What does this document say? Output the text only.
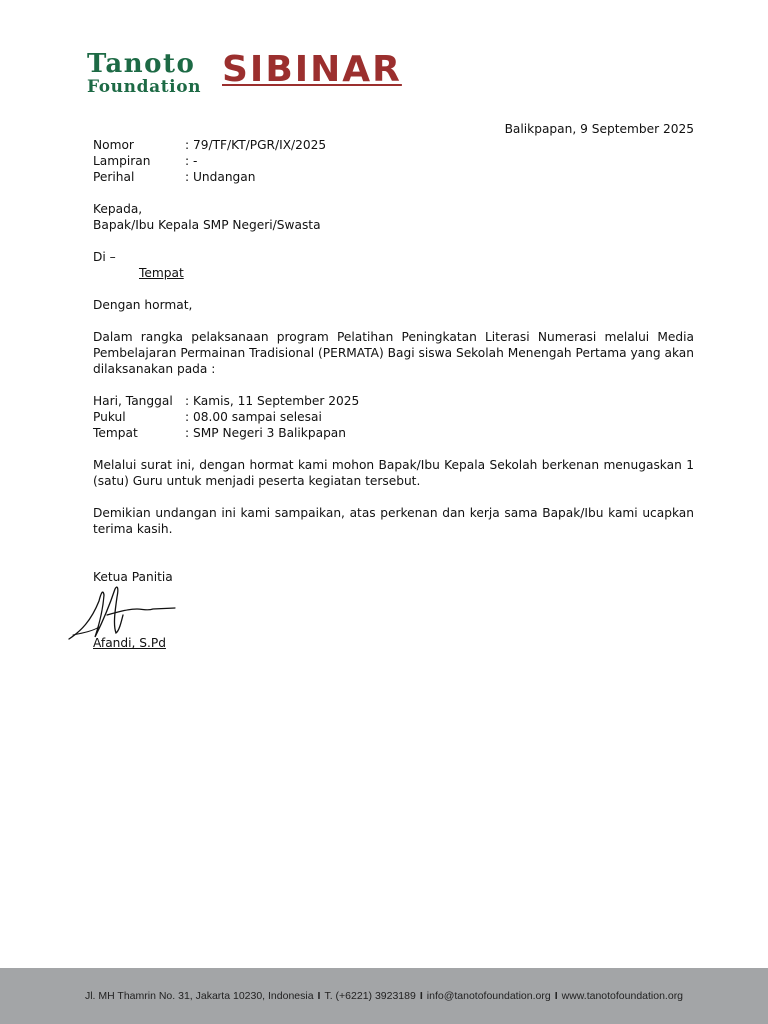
Tanoto
Foundation SIBINAR
Balikpapan, 9 September 2025
Nomor	: 79/TF/KT/PGR/IX/2025
Lampiran	: -
Perihal	: Undangan
Kepada,
Bapak/Ibu Kepala SMP Negeri/Swasta
Di –
Tempat
Dengan hormat,
Dalam rangka pelaksanaan program Pelatihan Peningkatan Literasi Numerasi melalui Media Pembelajaran Permainan Tradisional (PERMATA) Bagi siswa Sekolah Menengah Pertama yang akan dilaksanakan pada :
Hari, Tanggal	: Kamis, 11 September 2025
Pukul	: 08.00 sampai selesai
Tempat	: SMP Negeri 3 Balikpapan
Melalui surat ini, dengan hormat kami mohon Bapak/Ibu Kepala Sekolah berkenan menugaskan 1 (satu) Guru untuk menjadi peserta kegiatan tersebut.
Demikian undangan ini kami sampaikan, atas perkenan dan kerja sama Bapak/Ibu kami ucapkan terima kasih.
Ketua Panitia
Afandi, S.Pd
Jl. MH Thamrin No. 31, Jakarta 10230, Indonesia I T. (+6221) 3923189 I info@tanotofoundation.org I www.tanotofoundation.org
